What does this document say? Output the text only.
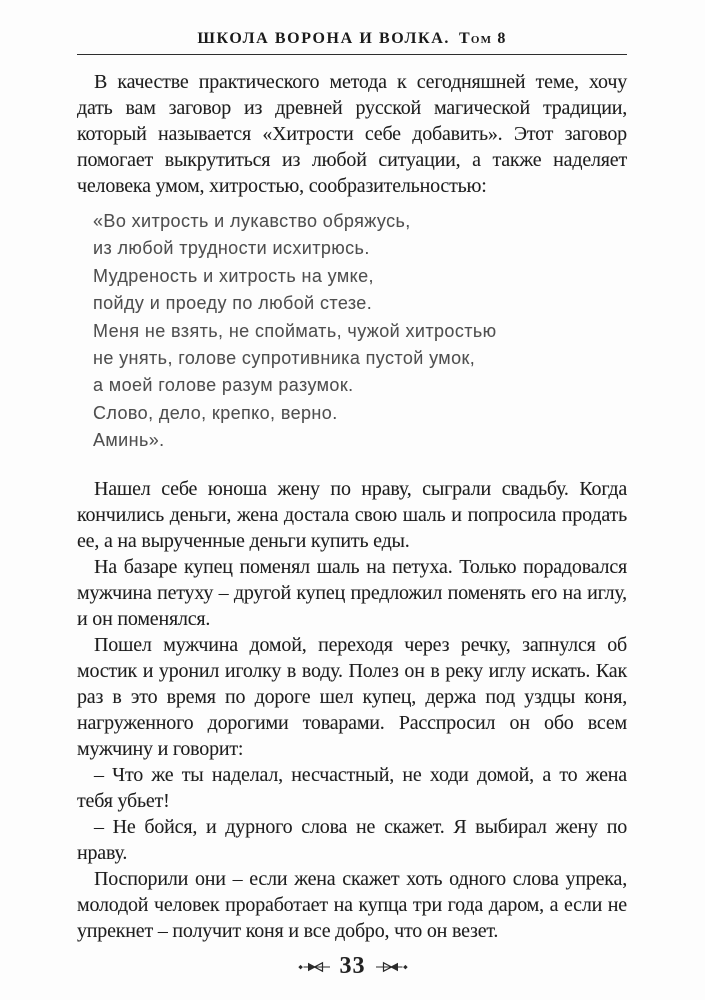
ШКОЛА ВОРОНА И ВОЛКА. Том 8

В качестве практического метода к сегодняшней теме, хочу дать вам заговор из древней русской магической традиции, который называется «Хитрости себе добавить». Этот заговор помогает выкрутиться из любой ситуации, а также наделяет человека умом, хитростью, сообразительностью:

«Во хитрость и лукавство обряжусь,
из любой трудности исхитрюсь.
Мудреность и хитрость на умке,
пойду и проеду по любой стезе.
Меня не взять, не споймать, чужой хитростью
не унять, голове супротивника пустой умок,
а моей голове разум разумок.
Слово, дело, крепко, верно.
Аминь».

Нашел себе юноша жену по нраву, сыграли свадьбу. Когда кончились деньги, жена достала свою шаль и попросила продать ее, а на вырученные деньги купить еды.

На базаре купец поменял шаль на петуха. Только порадовался мужчина петуху – другой купец предложил поменять его на иглу, и он поменялся.

Пошел мужчина домой, переходя через речку, запнулся об мостик и уронил иголку в воду. Полез он в реку иглу искать. Как раз в это время по дороге шел купец, держа под уздцы коня, нагруженного дорогими товарами. Расспросил он обо всем мужчину и говорит:

– Что же ты наделал, несчастный, не ходи домой, а то жена тебя убьет!

– Не бойся, и дурного слова не скажет. Я выбирал жену по нраву.

Поспорили они – если жена скажет хоть одного слова упрека, молодой человек проработает на купца три года даром, а если не упрекнет – получит коня и все добро, что он везет.

33
